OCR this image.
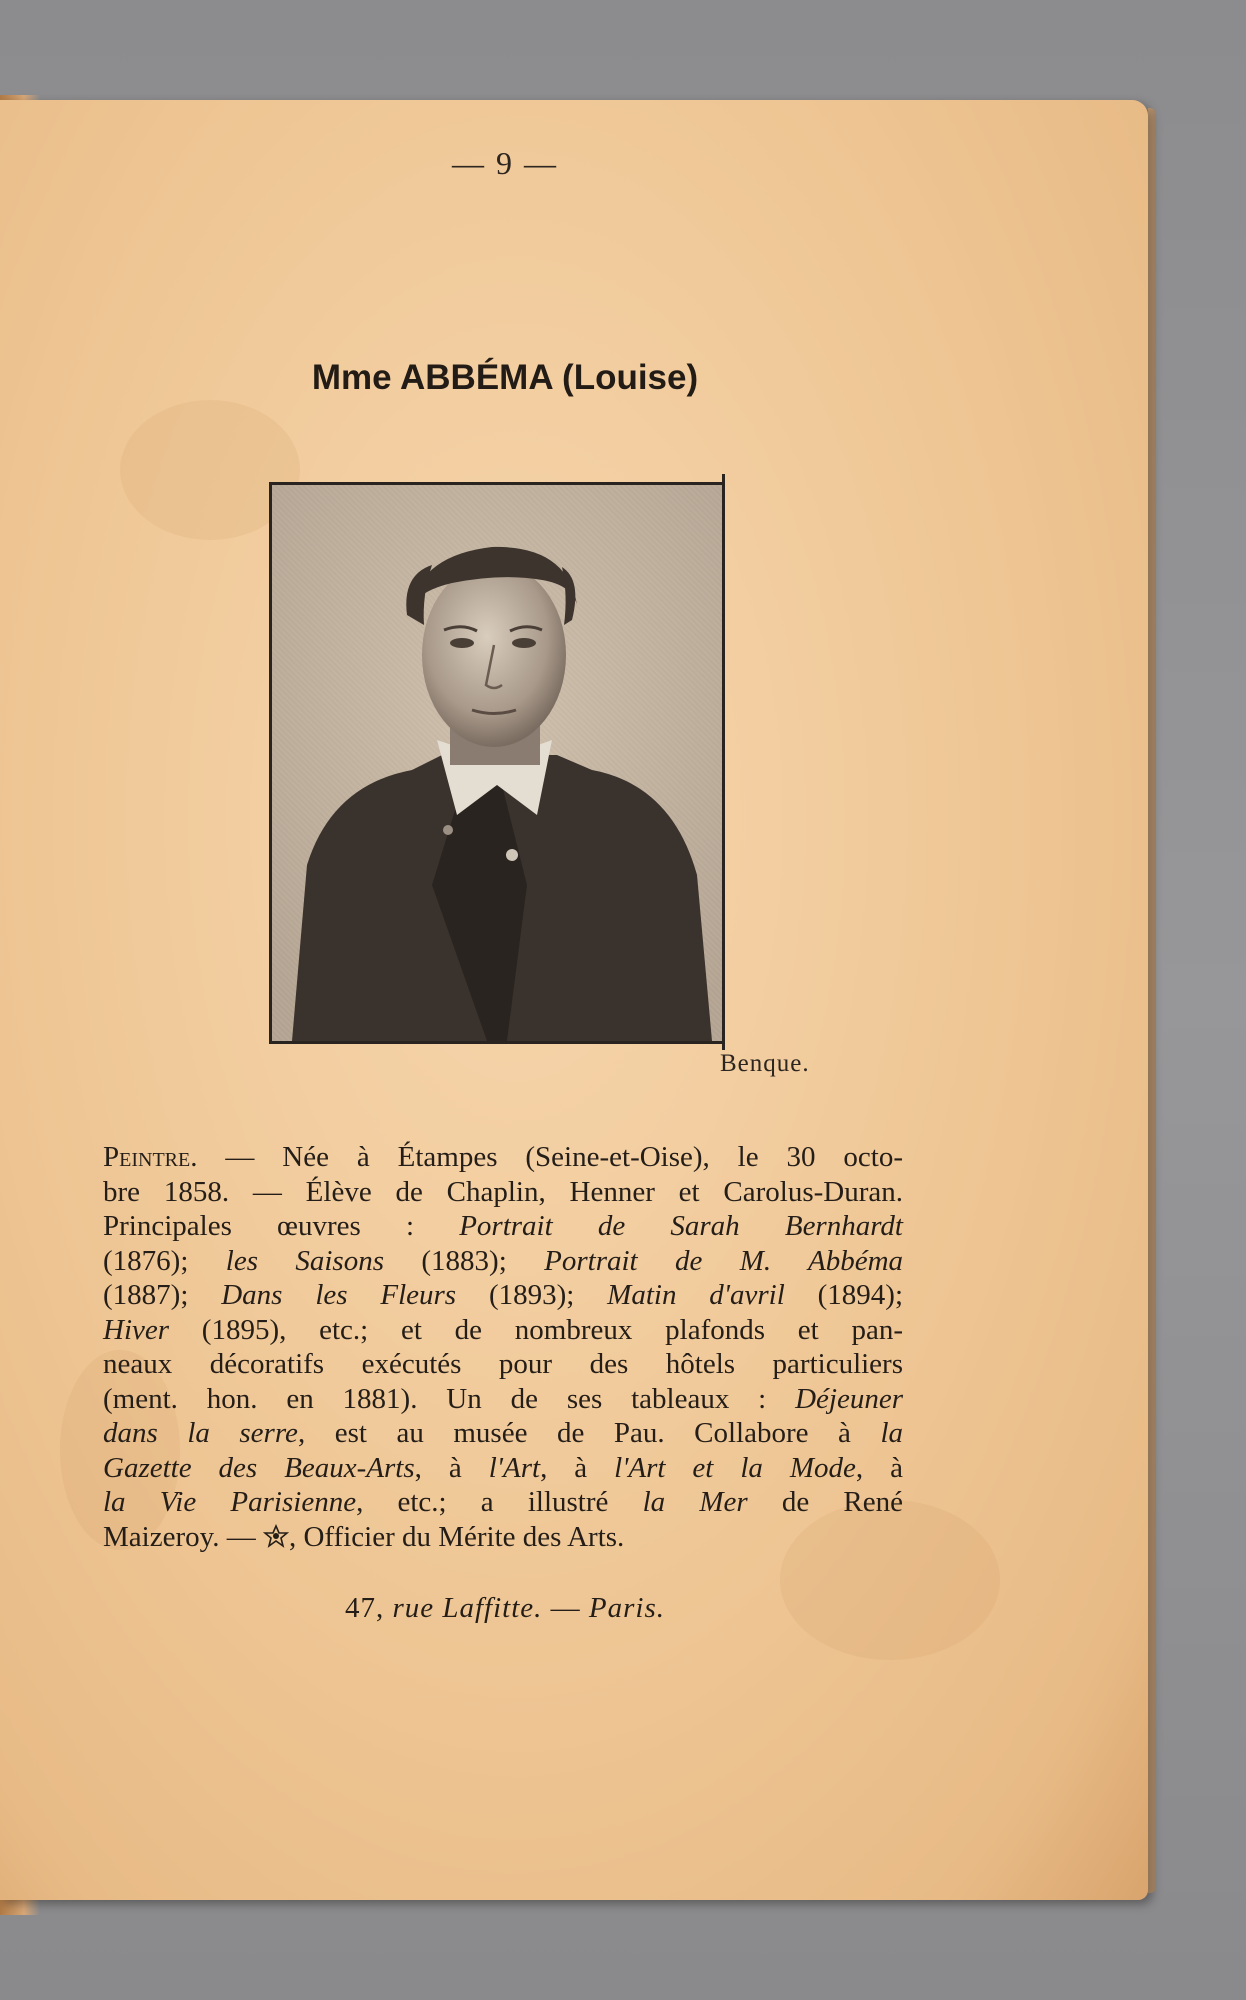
— 9 —
Mme ABBÉMA (Louise)
Benque.
Peintre. — Née à Étampes (Seine-et-Oise), le 30 octo-
bre 1858. — Élève de Chaplin, Henner et Carolus-Duran.
Principales œuvres : Portrait de Sarah Bernhardt
(1876); les Saisons (1883); Portrait de M. Abbéma
(1887); Dans les Fleurs (1893); Matin d'avril (1894);
Hiver (1895), etc.; et de nombreux plafonds et pan-
neaux décoratifs exécutés pour des hôtels particuliers
(ment. hon. en 1881). Un de ses tableaux : Déjeuner
dans la serre, est au musée de Pau. Collabore à la
Gazette des Beaux-Arts, à l'Art, à l'Art et la Mode, à
la Vie Parisienne, etc.; a illustré la Mer de René
Maizeroy. — , Officier du Mérite des Arts.
47, rue Laffitte. — Paris.
